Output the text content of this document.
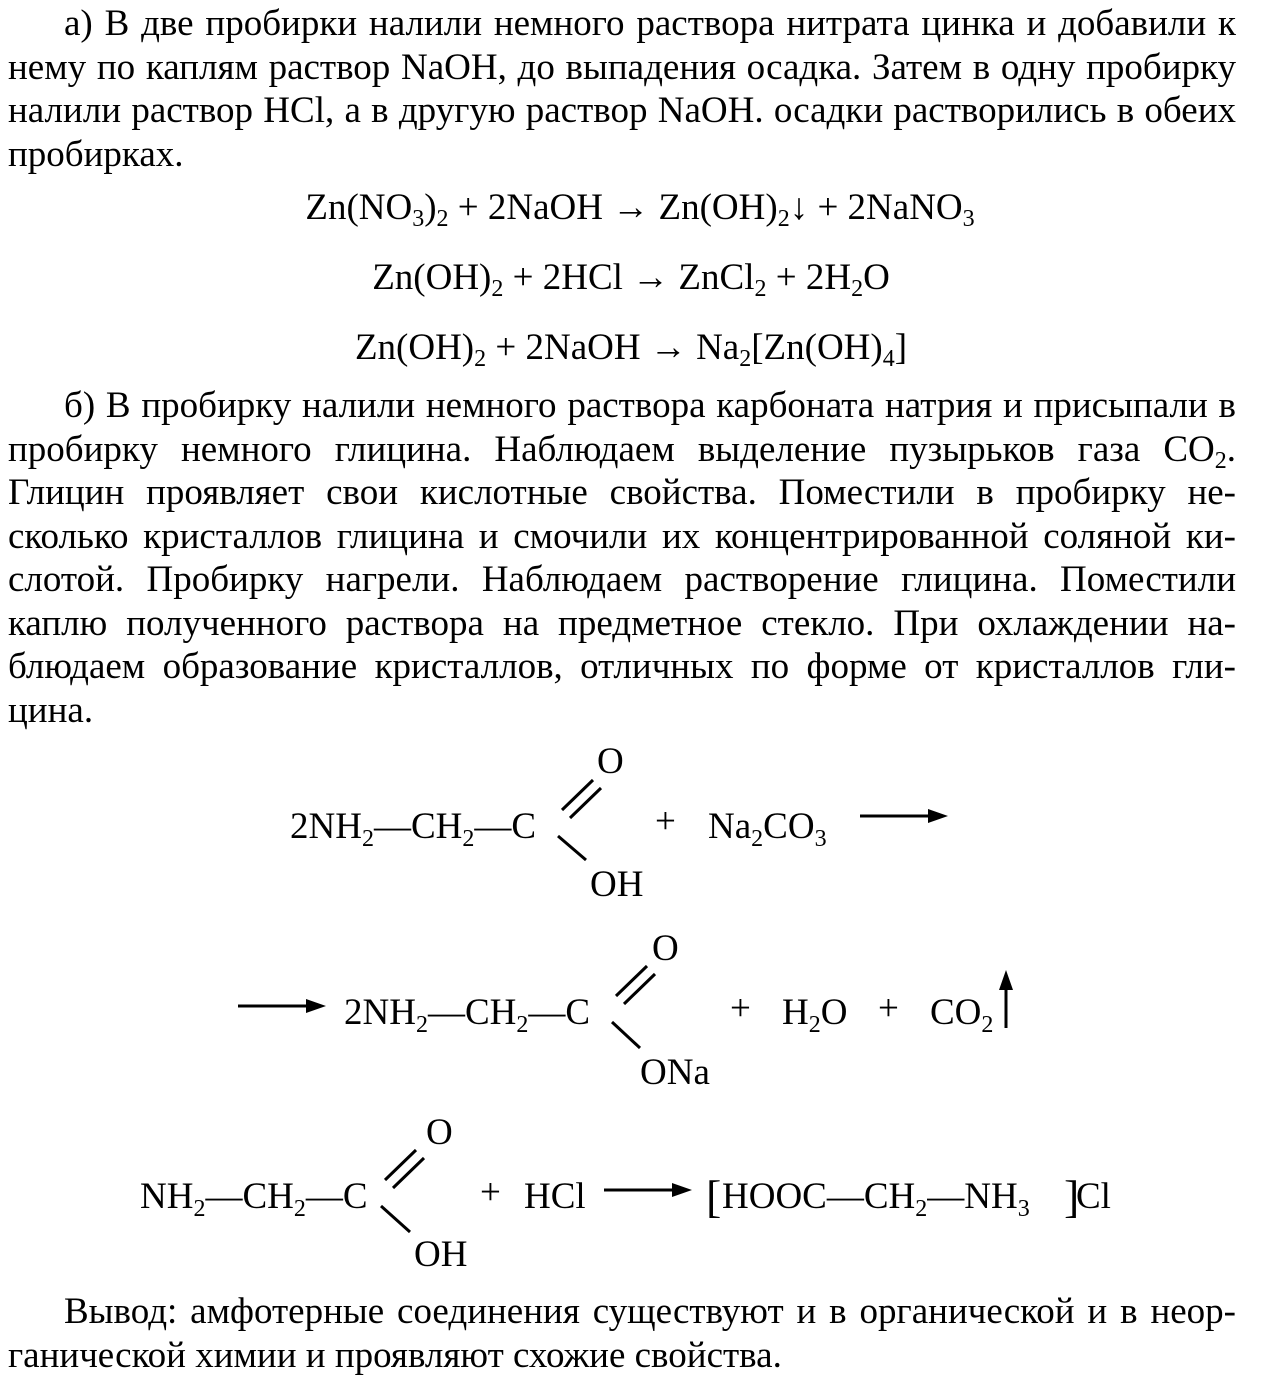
а) В две пробирки налили немного раствора нитрата цинка и добавили к нему по каплям раствор NaOH, до выпадения осадка. Затем в одну пробирку налили раствор HCl, а в другую раствор NaOH. осадки растворились в обеих пробирках.

$Zn(NO_3)_2$ + 2NaOH → $Zn(OH)_2↓$ + 2NaNO$_3$
$Zn(OH)_2 + 2HCl$ → ZnCl$_2$ + $2H_2O$
$Zn(OH)_2$ + 2NaOH → $Na_2[Zn(OH)_4]$

б) В пробирку налили немного раствора карбоната натрия и присыпали в пробирку немного глицина. Наблюдаем выделение пузырьков газа $CO_2$. Глицин проявляет свои кислотные свойства. Поместили в пробирку несколько кристаллов глицина и смочили их концентрированной соляной кислотой. Пробирку нагрели. Наблюдаем растворение глицина. Поместили каплю полученного раствора на предметное стекло. При охлаждении наблюдаем образование кристаллов, отличных по форме от кристаллов глицина.

$2NH_2—CH_2—C$
O
OH
+ $Na_2CO_3$
$2NH_2—CH_2—C$
O
ONa
+ $H_2O + CO_2$
$NH_2—CH_2—C$
O
OH
+ HCl	[ $HOOC—CH_2—NH_3$ ]
Cl

Вывод: амфотерные соединения существуют и в органической и в неорганической химии и проявляют схожие свойства.
